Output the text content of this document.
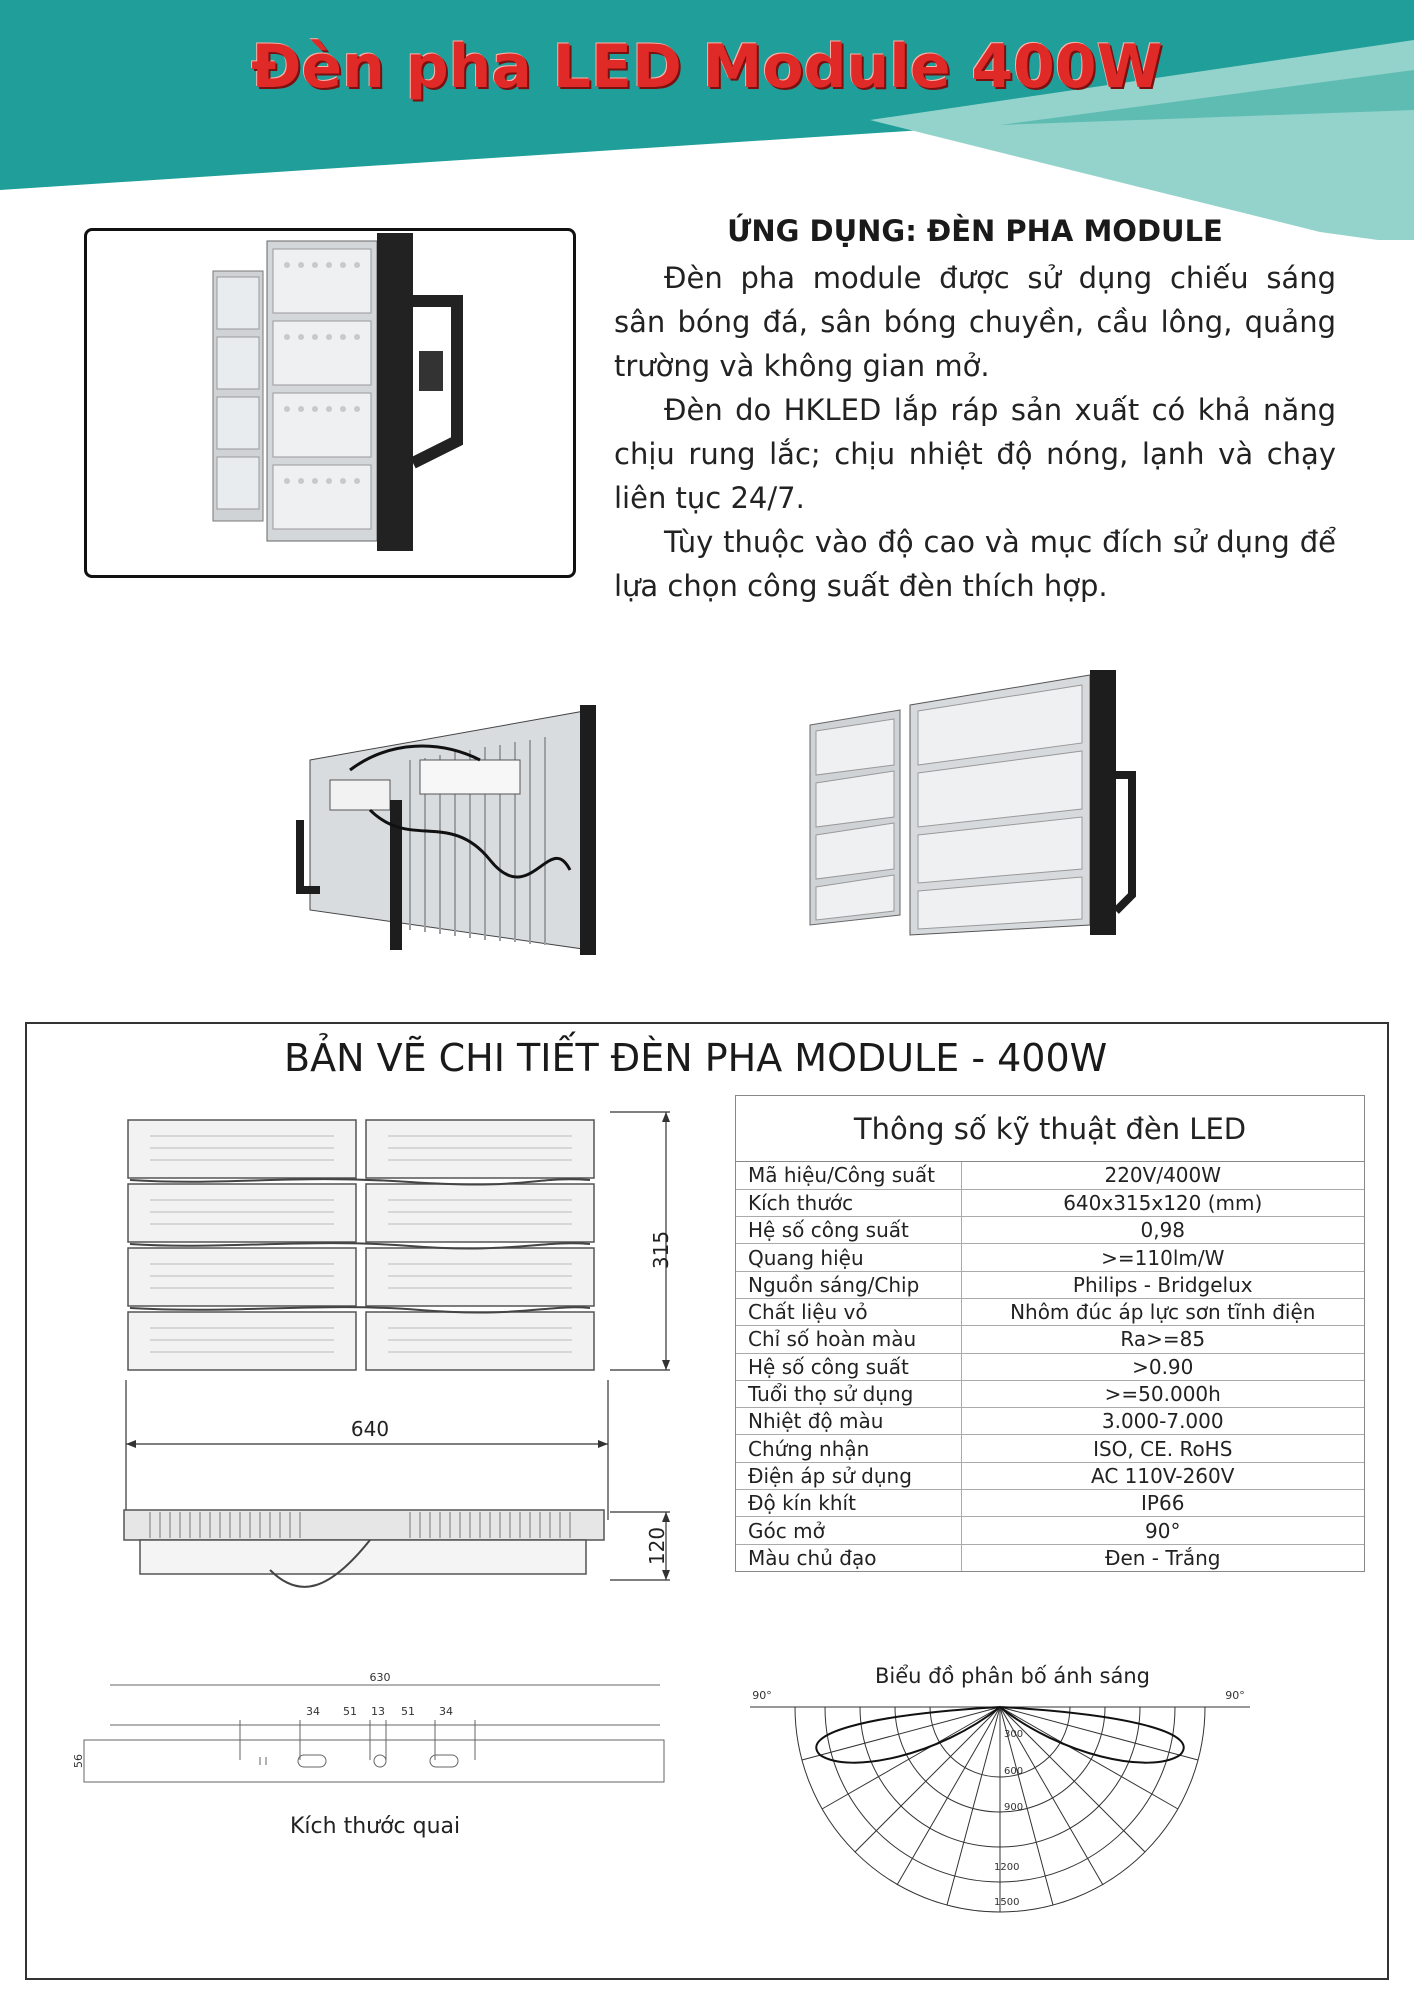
Đèn pha LED Module 400W
ỨNG DỤNG: ĐÈN PHA MODULE

Đèn pha module được sử dụng chiếu sáng sân bóng đá, sân bóng chuyền, cầu lông, quảng trường và không gian mở.

Đèn do HKLED lắp ráp sản xuất có khả năng chịu rung lắc; chịu nhiệt độ nóng, lạnh và chạy liên tục 24/7.

Tùy thuộc vào độ cao và mục đích sử dụng để lựa chọn công suất đèn thích hợp.

BẢN VẼ CHI TIẾT ĐÈN PHA MODULE - 400W
315
640
120
Thông số kỹ thuật đèn LED
Mã hiệu/Công suất	220V/400W
Kích thước	640x315x120 (mm)
Hệ số công suất	0,98
Quang hiệu	>=110lm/W
Nguồn sáng/Chip	Philips - Bridgelux
Chất liệu vỏ	Nhôm đúc áp lực sơn tĩnh điện
Chỉ số hoàn màu	Ra>=85
Hệ số công suất	>0.90
Tuổi thọ sử dụng	>=50.000h
Nhiệt độ màu	3.000-7.000
Chứng nhận	ISO, CE. RoHS
Điện áp sử dụng	AC 110V-260V
Độ kín khít	IP66
Góc mở	90°
Màu chủ đạo	Đen - Trắng
630
34 51 13 51 34
56
Kích thước quai
Biểu đồ phân bố ánh sáng
90°	90°
300
600
900
1200
1500
